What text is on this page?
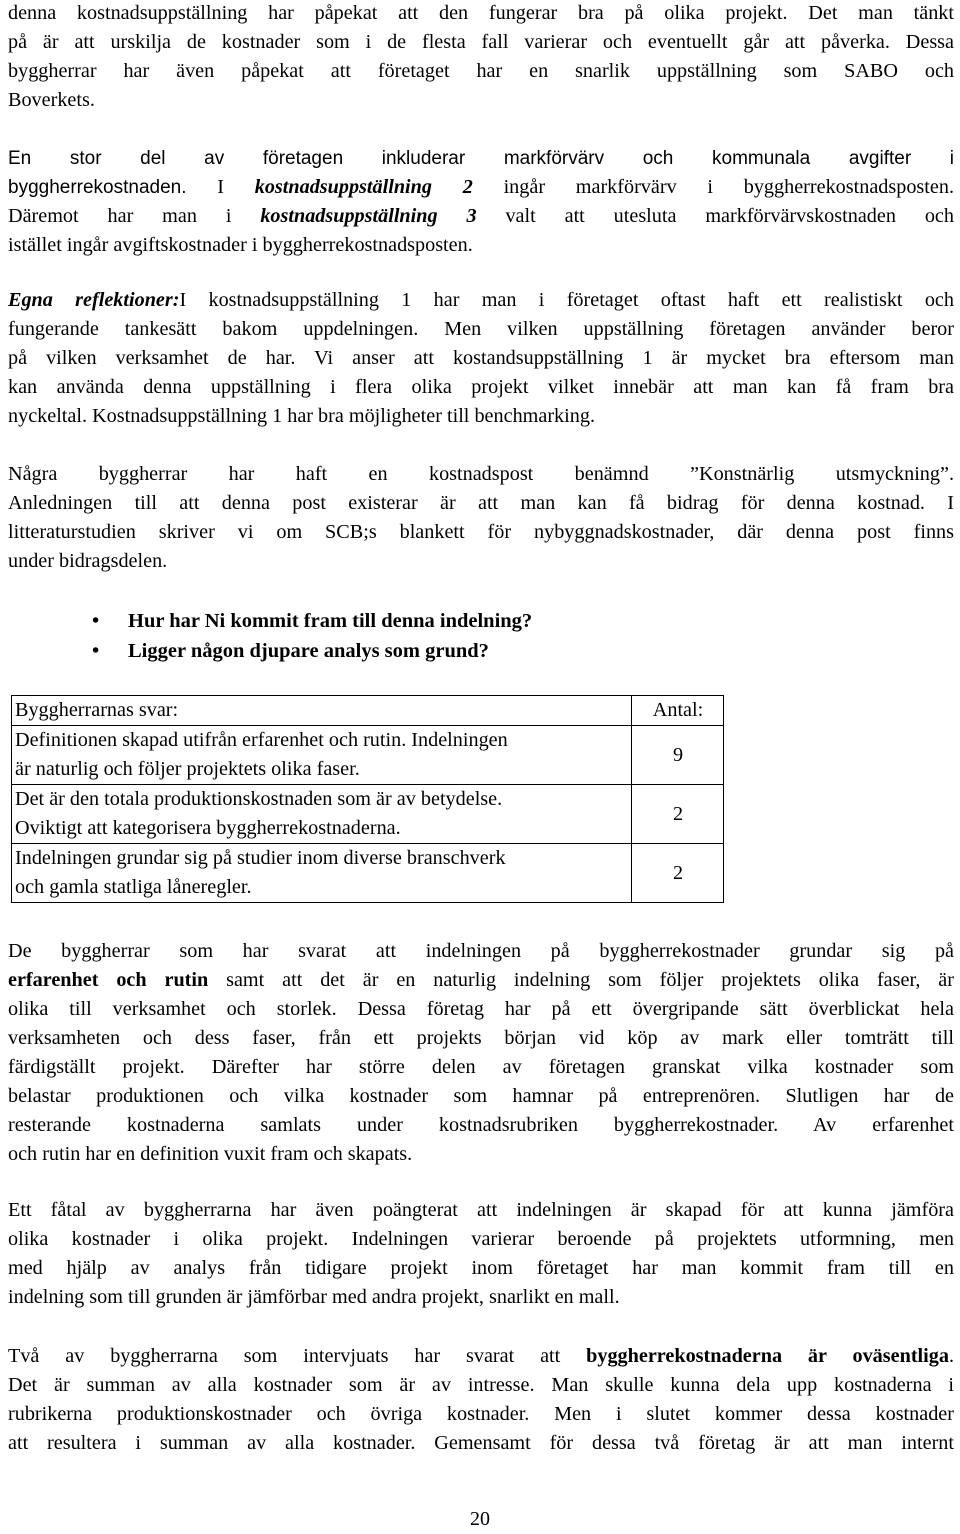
denna kostnadsuppställning har påpekat att den fungerar bra på olika projekt. Det man tänkt
på är att urskilja de kostnader som i de flesta fall varierar och eventuellt går att påverka. Dessa
byggherrar har även påpekat att företaget har en snarlik uppställning som SABO och
Boverkets.
En stor del av företagen inkluderar markförvärv och kommunala avgifter i
byggherrekostnaden. I kostnadsuppställning 2 ingår markförvärv i byggherrekostnadsposten.
Däremot har man i kostnadsuppställning 3 valt att utesluta markförvärvskostnaden och
istället ingår avgiftskostnader i byggherrekostnadsposten.
Egna reflektioner:I kostnadsuppställning 1 har man i företaget oftast haft ett realistiskt och
fungerande tankesätt bakom uppdelningen. Men vilken uppställning företagen använder beror
på vilken verksamhet de har. Vi anser att kostandsuppställning 1 är mycket bra eftersom man
kan använda denna uppställning i flera olika projekt vilket innebär att man kan få fram bra
nyckeltal. Kostnadsuppställning 1 har bra möjligheter till benchmarking.
Några byggherrar har haft en kostnadspost benämnd ”Konstnärlig utsmyckning”.
Anledningen till att denna post existerar är att man kan få bidrag för denna kostnad. I
litteraturstudien skriver vi om SCB;s blankett för nybyggnadskostnader, där denna post finns
under bidragsdelen.
• Hur har Ni kommit fram till denna indelning?
• Ligger någon djupare analys som grund?
Byggherrarnas svar:	Antal:

Definitionen skapad utifrån erfarenhet och rutin. Indelningen
är naturlig och följer projektets olika faser.	9

Det är den totala produktionskostnaden som är av betydelse.
Oviktigt att kategorisera byggherrekostnaderna.	2

Indelningen grundar sig på studier inom diverse branschverk
och gamla statliga låneregler.	2
De byggherrar som har svarat att indelningen på byggherrekostnader grundar sig på
erfarenhet och rutin samt att det är en naturlig indelning som följer projektets olika faser, är
olika till verksamhet och storlek. Dessa företag har på ett övergripande sätt överblickat hela
verksamheten och dess faser, från ett projekts början vid köp av mark eller tomträtt till
färdigställt projekt. Därefter har större delen av företagen granskat vilka kostnader som
belastar produktionen och vilka kostnader som hamnar på entreprenören. Slutligen har de
resterande kostnaderna samlats under kostnadsrubriken byggherrekostnader. Av erfarenhet
och rutin har en definition vuxit fram och skapats.
Ett fåtal av byggherrarna har även poängterat att indelningen är skapad för att kunna jämföra
olika kostnader i olika projekt. Indelningen varierar beroende på projektets utformning, men
med hjälp av analys från tidigare projekt inom företaget har man kommit fram till en
indelning som till grunden är jämförbar med andra projekt, snarlikt en mall.
Två av byggherrarna som intervjuats har svarat att byggherrekostnaderna är oväsentliga.
Det är summan av alla kostnader som är av intresse. Man skulle kunna dela upp kostnaderna i
rubrikerna produktionskostnader och övriga kostnader. Men i slutet kommer dessa kostnader
att resultera i summan av alla kostnader. Gemensamt för dessa två företag är att man internt
20
